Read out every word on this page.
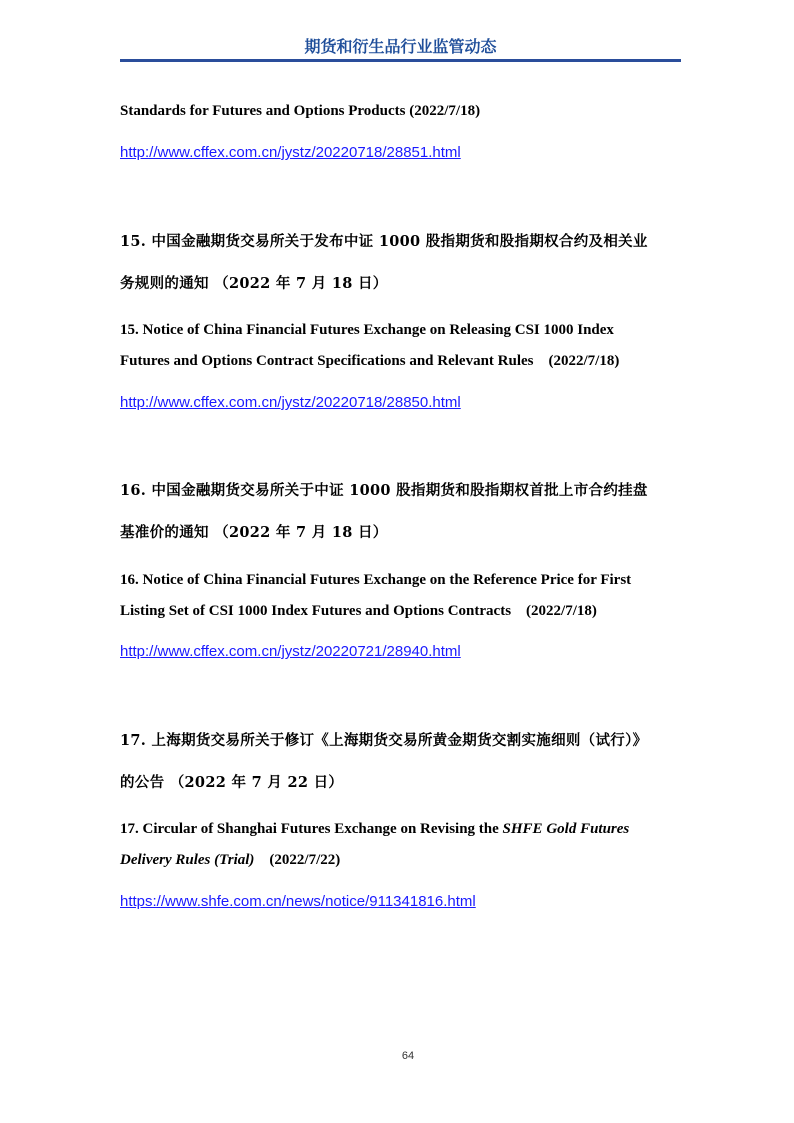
期货和衍生品行业监管动态
Standards for Futures and Options Products (2022/7/18)
http://www.cffex.com.cn/jystz/20220718/28851.html
15. 中国金融期货交易所关于发布中证 1000 股指期货和股指期权合约及相关业
务规则的通知 （2022 年 7 月 18 日）
15. Notice of China Financial Futures Exchange on Releasing CSI 1000 Index
Futures and Options Contract Specifications and Relevant Rules (2022/7/18)
http://www.cffex.com.cn/jystz/20220718/28850.html
16. 中国金融期货交易所关于中证 1000 股指期货和股指期权首批上市合约挂盘
基准价的通知 （2022 年 7 月 18 日）
16. Notice of China Financial Futures Exchange on the Reference Price for First
Listing Set of CSI 1000 Index Futures and Options Contracts (2022/7/18)
http://www.cffex.com.cn/jystz/20220721/28940.html
17. 上海期货交易所关于修订《上海期货交易所黄金期货交割实施细则（试行）》
的公告 （2022 年 7 月 22 日）
17. Circular of Shanghai Futures Exchange on Revising the SHFE Gold Futures
Delivery Rules (Trial) (2022/7/22)
https://www.shfe.com.cn/news/notice/911341816.html
64
